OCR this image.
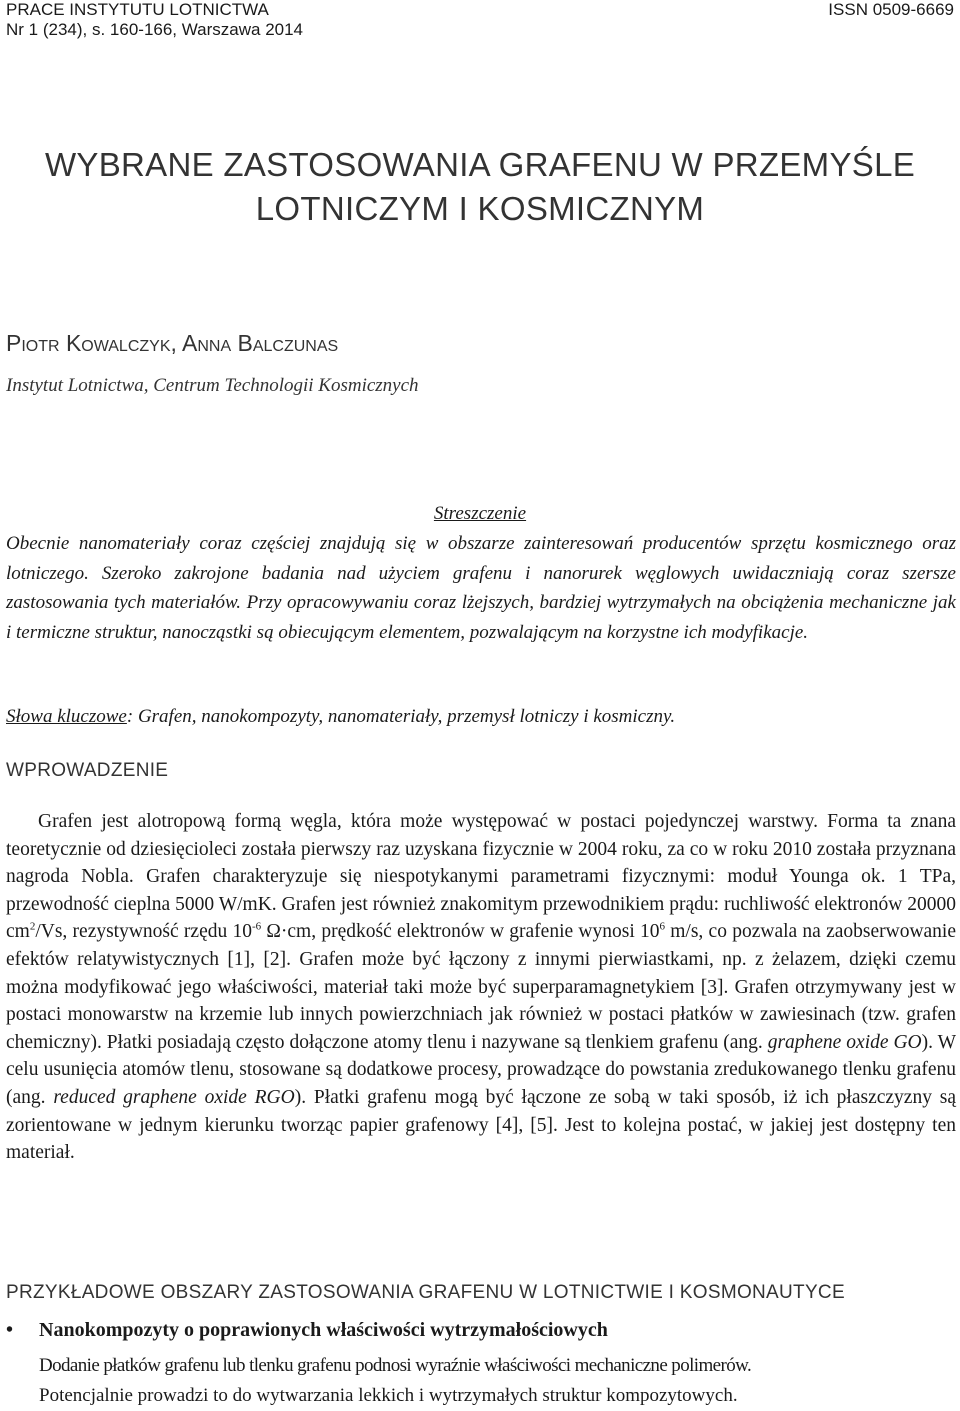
PRACE INSTYTUTU LOTNICTWA
Nr 1 (234), s. 160-166, Warszawa 2014
ISSN 0509-6669
WYBRANE ZASTOSOWANIA GRAFENU W PRZEMYŚLE
LOTNICZYM I KOSMICZNYM
Piotr Kowalczyk, Anna Balczunas
Instytut Lotnictwa, Centrum Technologii Kosmicznych
Streszczenie
Obecnie nanomateriały coraz częściej znajdują się w obszarze zainteresowań producentów sprzętu kosmicznego oraz lotniczego. Szeroko zakrojone badania nad użyciem grafenu i nanorurek węglowych uwidaczniają coraz szersze zastosowania tych materiałów. Przy opracowywaniu coraz lżejszych, bardziej wytrzymałych na obciążenia mechaniczne jak i termiczne struktur, nanocząstki są obiecującym elementem, pozwalającym na korzystne ich modyfikacje.
Słowa kluczowe: Grafen, nanokompozyty, nanomateriały, przemysł lotniczy i kosmiczny.
WPROWADZENIE
Grafen jest alotropową formą węgla, która może występować w postaci pojedynczej warstwy. Forma ta znana teoretycznie od dziesięcioleci została pierwszy raz uzyskana fizycznie w 2004 roku, za co w roku 2010 została przyznana nagroda Nobla. Grafen charakteryzuje się niespotykanymi parametrami fizycznymi: moduł Younga ok. 1 TPa, przewodność cieplna 5000 W/mK. Grafen jest również znakomitym przewodnikiem prądu: ruchliwość elektronów 20000 $cm^2/Vs$, rezystywność rzędu $10^{-6}$ Ω·cm, prędkość elektronów w grafenie wynosi $10^6$ m/s, co pozwala na zaobserwowanie efektów relatywistycznych [1], [2]. Grafen może być łączony z innymi pierwiastkami, np. z żelazem, dzięki czemu można modyfikować jego właściwości, materiał taki może być superparamagnetykiem [3]. Grafen otrzymywany jest w postaci monowarstw na krzemie lub innych powierzchniach jak również w postaci płatków w zawiesinach (tzw. grafen chemiczny). Płatki posiadają często dołączone atomy tlenu i nazywane są tlenkiem grafenu (ang. graphene oxide GO). W celu usunięcia atomów tlenu, stosowane są dodatkowe procesy, prowadzące do powstania zredukowanego tlenku grafenu (ang. reduced graphene oxide RGO). Płatki grafenu mogą być łączone ze sobą w taki sposób, iż ich płaszczyzny są zorientowane w jednym kierunku tworząc papier grafenowy [4], [5]. Jest to kolejna postać, w jakiej jest dostępny ten materiał.
PRZYKŁADOWE OBSZARY ZASTOSOWANIA GRAFENU W LOTNICTWIE I KOSMONAUTYCE
•	Nanokompozyty o poprawionych właściwości wytrzymałościowych
Dodanie płatków grafenu lub tlenku grafenu podnosi wyraźnie właściwości mechaniczne polimerów.
Potencjalnie prowadzi to do wytwarzania lekkich i wytrzymałych struktur kompozytowych.
